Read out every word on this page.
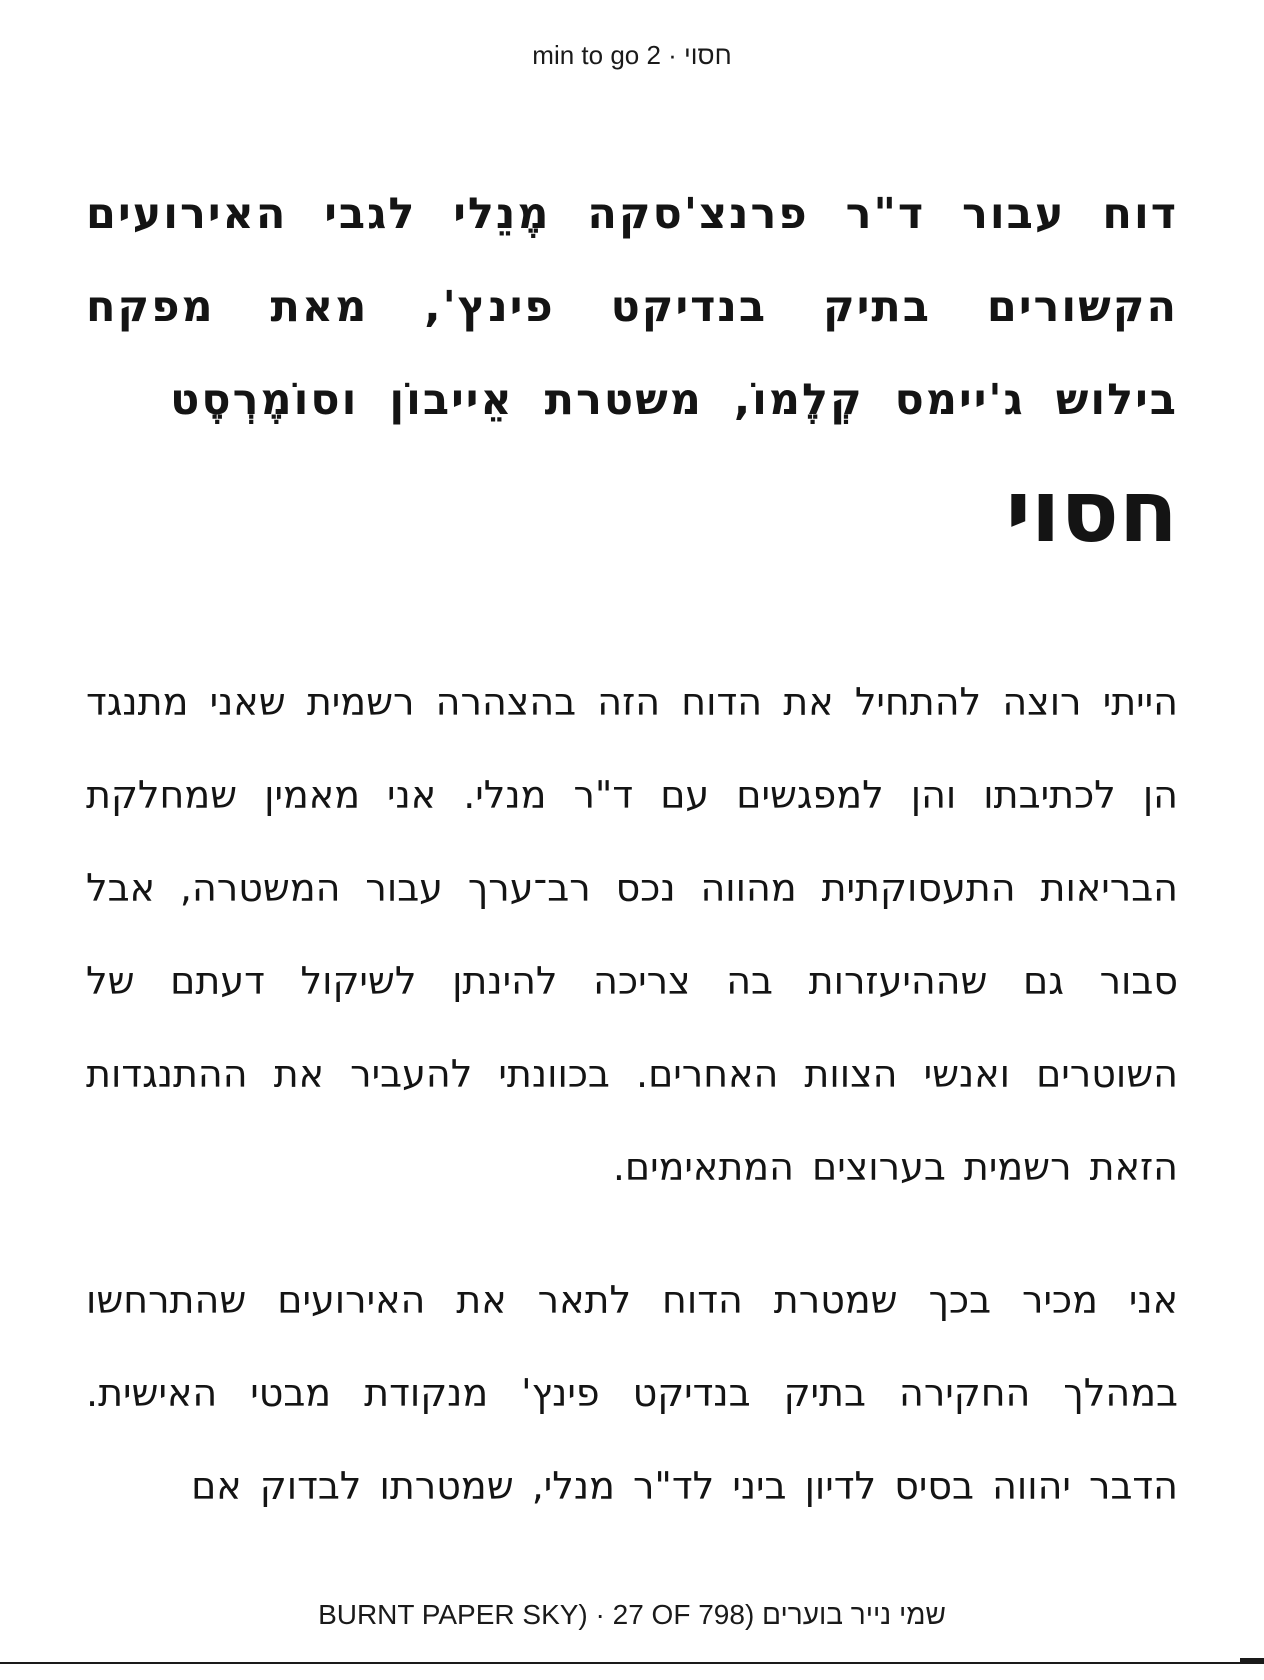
min to go 2 · חסוי
דוח עבור ד"ר פרנצ'סקה מֶנֵלי לגבי האירועים הקשורים בתיק בנדיקט פינץ', מאת מפקח בילוש ג'יימס קְלֶמוֹ, משטרת אֵייבוֹן וסוֹמֶרְסֶט
חסוי

הייתי רוצה להתחיל את הדוח הזה בהצהרה רשמית שאני מתנגד הן לכתיבתו והן למפגשים עם ד"ר מנלי. אני מאמין שמחלקת הבריאות התעסוקתית מהווה נכס רב־ערך עבור המשטרה, אבל סבור גם שההיעזרות בה צריכה להינתן לשיקול דעתם של השוטרים ואנשי הצוות האחרים. בכוונתי להעביר את ההתנגדות הזאת רשמית בערוצים המתאימים.

אני מכיר בכך שמטרת הדוח לתאר את האירועים שהתרחשו במהלך החקירה בתיק בנדיקט פינץ' מנקודת מבטי האישית. הדבר יהווה בסיס לדיון ביני לד"ר מנלי, שמטרתו לבדוק אם

BURNT PAPER SKY) · 27 OF 798) שמי נייר בוערים
